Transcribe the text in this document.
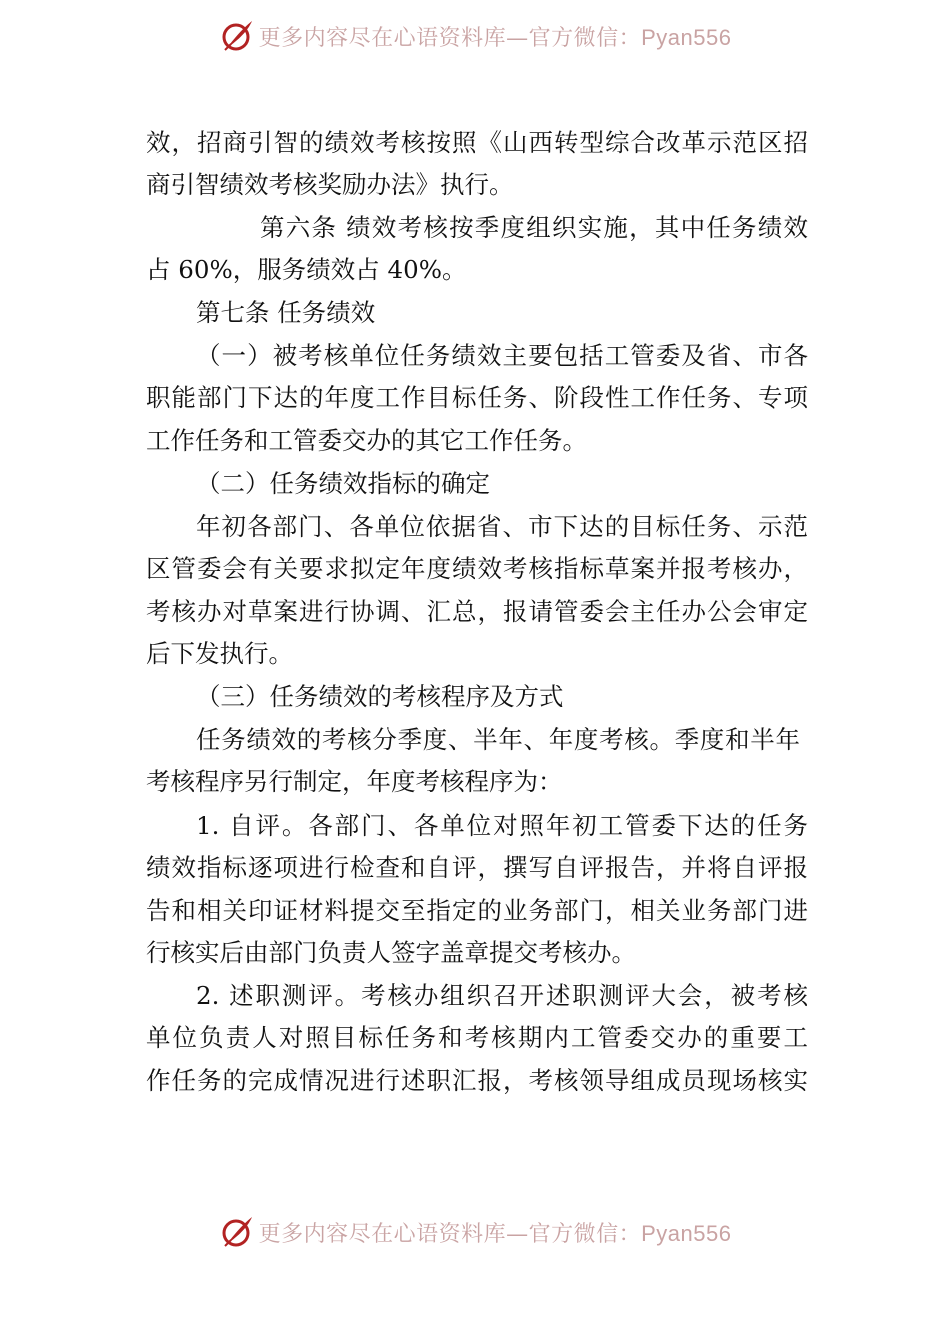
更多内容尽在心语资料库—官方微信：Pyan556
效，招商引智的绩效考核按照《山西转型综合改革示范区招
商引智绩效考核奖励办法》执行。
第六条 绩效考核按季度组织实施，其中任务绩效
占 60%，服务绩效占 40%。
第七条 任务绩效
（一）被考核单位任务绩效主要包括工管委及省、市各
职能部门下达的年度工作目标任务、阶段性工作任务、专项
工作任务和工管委交办的其它工作任务。
（二）任务绩效指标的确定
年初各部门、各单位依据省、市下达的目标任务、示范
区管委会有关要求拟定年度绩效考核指标草案并报考核办，
考核办对草案进行协调、汇总，报请管委会主任办公会审定
后下发执行。
（三）任务绩效的考核程序及方式
任务绩效的考核分季度、半年、年度考核。季度和半年
考核程序另行制定，年度考核程序为：
1. 自评。各部门、各单位对照年初工管委下达的任务
绩效指标逐项进行检查和自评，撰写自评报告，并将自评报
告和相关印证材料提交至指定的业务部门，相关业务部门进
行核实后由部门负责人签字盖章提交考核办。
2. 述职测评。考核办组织召开述职测评大会，被考核
单位负责人对照目标任务和考核期内工管委交办的重要工
作任务的完成情况进行述职汇报，考核领导组成员现场核实
更多内容尽在心语资料库—官方微信：Pyan556
